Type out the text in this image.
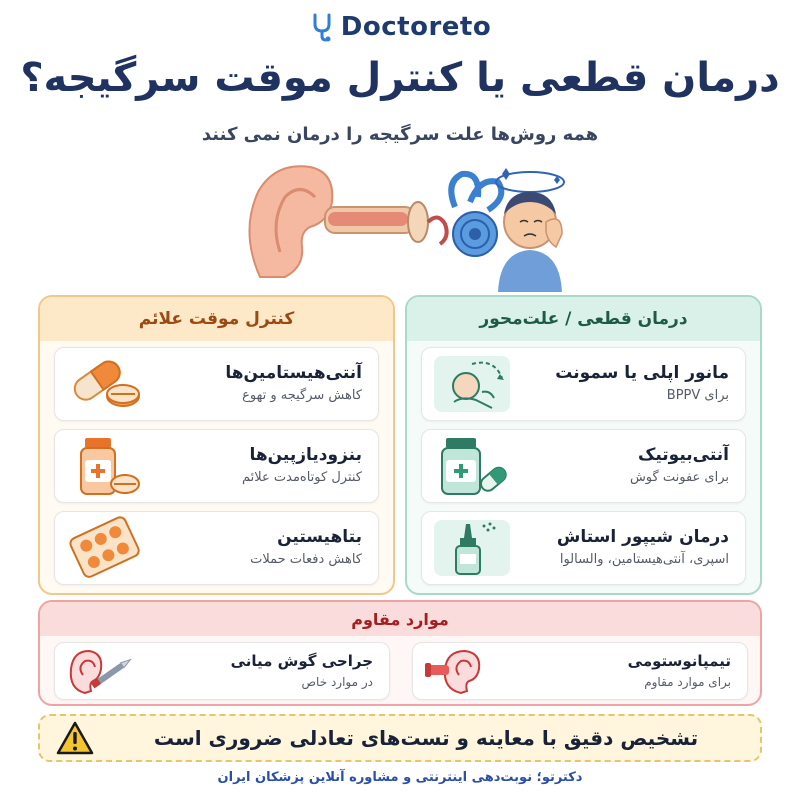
Doctoreto
درمان قطعی یا کنترل موقت سرگیجه؟
همه روش‌ها علت سرگیجه را درمان نمی کنند
کنترل موقت علائم
آنتی‌هیستامین‌ها
کاهش سرگیجه و تهوع
بنزودیازپین‌ها
کنترل کوتاه‌مدت علائم
بتاهیستین
کاهش دفعات حملات
درمان قطعی / علت‌محور
مانور اپلی یا سمونت
برای BPPV
آنتی‌بیوتیک
برای عفونت گوش
درمان شیپور استاش
اسپری، آنتی‌هیستامین، والسالوا
موارد مقاوم
تیمپانوستومی
برای موارد مقاوم
جراحی گوش میانی
در موارد خاص
تشخیص دقیق با معاینه و تست‌های تعادلی ضروری است
دکترتو؛ نوبت‌دهی اینترنتی و مشاوره آنلاین پزشکان ایران
